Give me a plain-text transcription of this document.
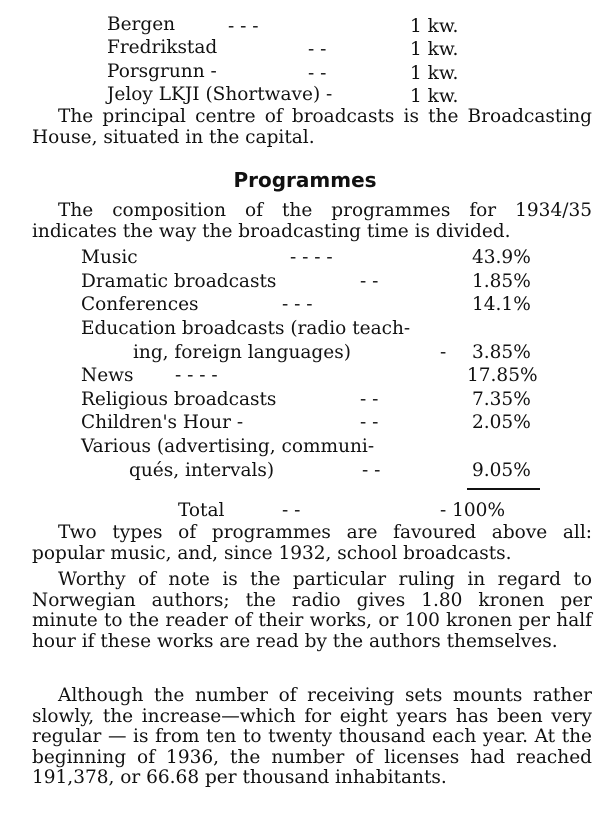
Bergen	- - -	1 kw.
Fredrikstad	- -	1 kw.
Porsgrunn -	- -	1 kw.
Jeloy LKJI (Shortwave) -	1 kw.
The principal centre of broadcasts is the Broadcasting House, situated in the capital.
Programmes
The composition of the programmes for 1934/35 indicates the way the broadcasting time is divided.
Music	- - - -	43.9%
Dramatic broadcasts	- -	1.85%
Conferences	- - -	14.1%
Education broadcasts (radio teach-
ing, foreign languages)	- 3.85%
News - - - -	17.85%
Religious broadcasts	- -	7.35%
Children's Hour -	- -	2.05%
Various (advertising, communi-
qués, intervals)	- -	9.05%
Total	- -	- 100%
Two types of programmes are favoured above all: popular music, and, since 1932, school broadcasts.
Worthy of note is the particular ruling in regard to Norwegian authors; the radio gives 1.80 kronen per minute to the reader of their works, or 100 kronen per half hour if these works are read by the authors themselves.
Although the number of receiving sets mounts rather slowly, the increase—which for eight years has been very regular — is from ten to twenty thousand each year. At the beginning of 1936, the number of licenses had reached 191,378, or 66.68 per thousand inhabitants.
